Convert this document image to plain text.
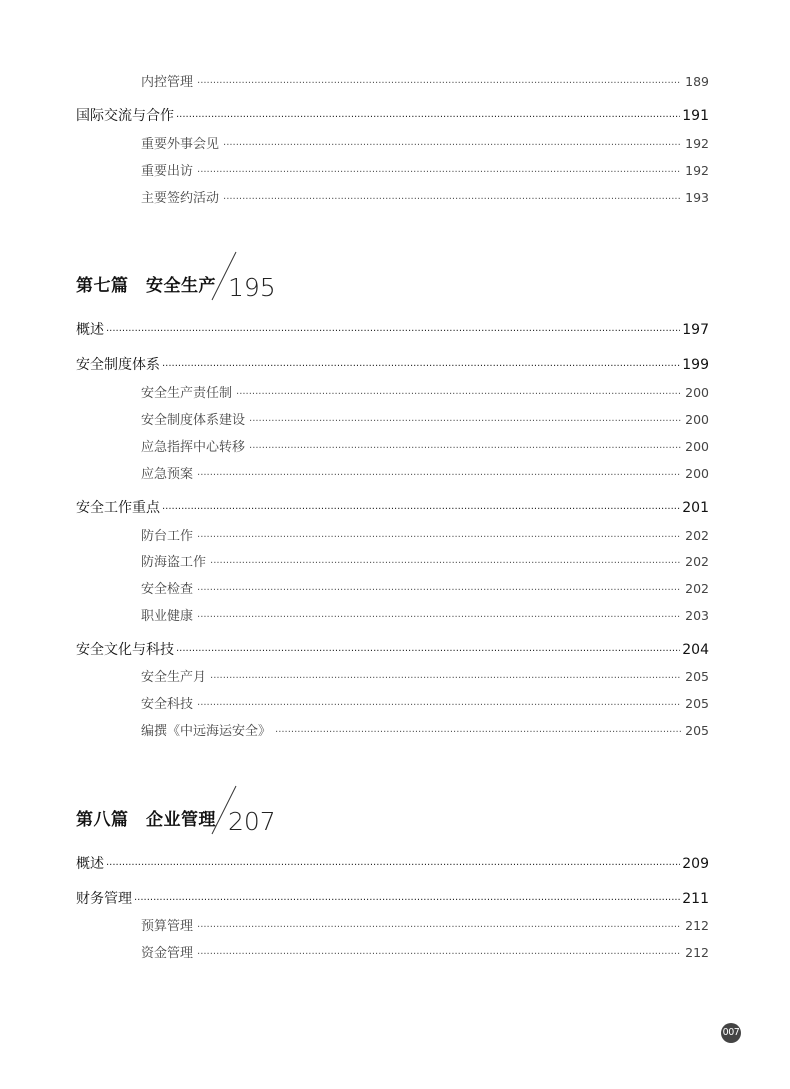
内控管理 ·····	189
国际交流与合作 ·····	191
重要外事会见 ·····	192
重要出访 ·····	192
主要签约活动 ·····	193
第七篇　安全生产 195
概述 ·····	197
安全制度体系 ·····	199
安全生产责任制 ·····	200
安全制度体系建设 ·····	200
应急指挥中心转移 ·····	200
应急预案 ·····	200
安全工作重点 ·····	201
防台工作 ·····	202
防海盗工作 ·····	202
安全检查 ·····	202
职业健康 ·····	203
安全文化与科技 ·····	204
安全生产月 ·····	205
安全科技 ·····	205
编撰《中远海运安全》 ·····	205
第八篇　企业管理 207
概述 ·····	209
财务管理 ·····	211
预算管理 ·····	212
资金管理 ·····	212
007
